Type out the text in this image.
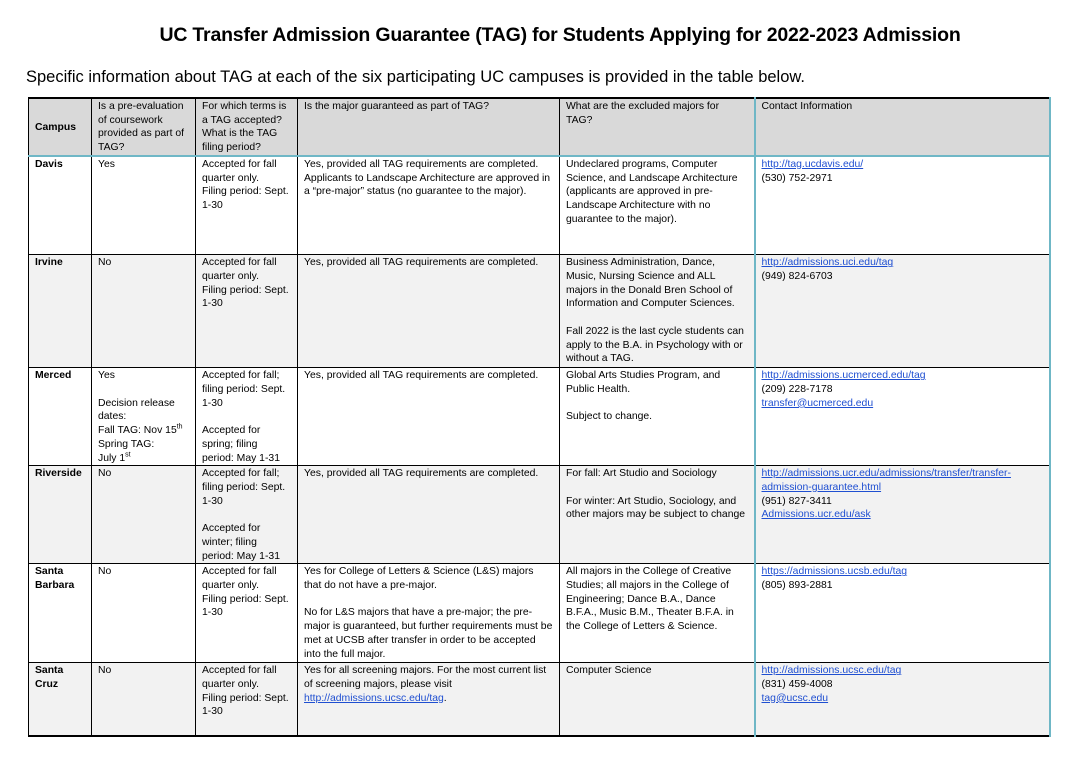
UC Transfer Admission Guarantee (TAG) for Students Applying for 2022-2023 Admission
Specific information about TAG at each of the six participating UC campuses is provided in the table below.
Campus	Is a pre-evaluation of coursework provided as part of TAG?	For which terms is a TAG accepted? What is the TAG filing period?	Is the major guaranteed as part of TAG?	What are the excluded majors for TAG?	Contact Information
Davis	Yes	Accepted for fall quarter only.
Filing period: Sept. 1-30	Yes, provided all TAG requirements are completed. Applicants to Landscape Architecture are approved in a “pre-major” status (no guarantee to the major).	Undeclared programs, Computer Science, and Landscape Architecture (applicants are approved in pre-Landscape Architecture with no guarantee to the major).	http://tag.ucdavis.edu/
(530) 752-2971

Irvine	No	Accepted for fall quarter only.
Filing period: Sept. 1-30	Yes, provided all TAG requirements are completed.	Business Administration, Dance, Music, Nursing Science and ALL majors in the Donald Bren School of Information and Computer Sciences.
Fall 2022 is the last cycle students can apply to the B.A. in Psychology with or without a TAG.	http://admissions.uci.edu/tag
(949) 824-6703

Merced	Yes
Decision release dates:
Fall TAG: Nov 15th
Spring TAG:
July 1st	Accepted for fall; filing period: Sept. 1-30
Accepted for spring; filing period: May 1-31	Yes, provided all TAG requirements are completed.	Global Arts Studies Program, and Public Health.
Subject to change.	http://admissions.ucmerced.edu/tag
(209) 228-7178
transfer@ucmerced.edu

Riverside	No	Accepted for fall; filing period: Sept. 1-30
Accepted for winter; filing period: May 1-31	Yes, provided all TAG requirements are completed.	For fall: Art Studio and Sociology
For winter: Art Studio, Sociology, and other majors may be subject to change	http://admissions.ucr.edu/admissions/transfer/transfer-admission-guarantee.html
(951) 827-3411
Admissions.ucr.edu/ask

Santa Barbara	No	Accepted for fall quarter only.
Filing period: Sept. 1-30	Yes for College of Letters & Science (L&S) majors that do not have a pre-major.
No for L&S majors that have a pre-major; the pre-major is guaranteed, but further requirements must be met at UCSB after transfer in order to be accepted into the full major.	All majors in the College of Creative Studies; all majors in the College of Engineering; Dance B.A., Dance B.F.A., Music B.M., Theater B.F.A. in the College of Letters & Science.	https://admissions.ucsb.edu/tag
(805) 893-2881

Santa Cruz	No	Accepted for fall quarter only.
Filing period: Sept. 1-30	Yes for all screening majors. For the most current list of screening majors, please visit http://admissions.ucsc.edu/tag.	Computer Science	http://admissions.ucsc.edu/tag
(831) 459-4008
tag@ucsc.edu
